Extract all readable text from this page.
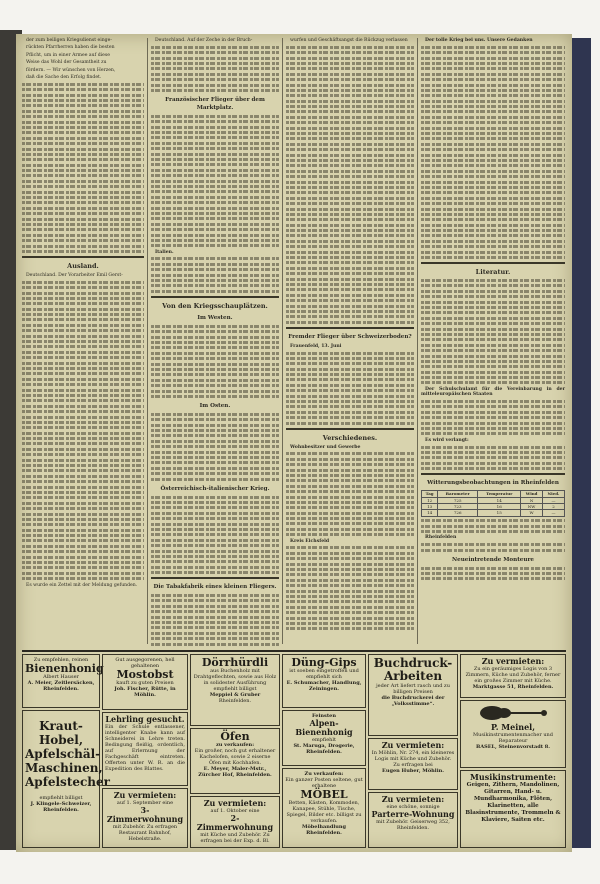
der zum beiligen Kriegsdienst einge-

rückten Pfarrherren haben die besten

Pflicht, um in einer Armee auf diese

Weise das Wohl der Gesamtheit zu

fördern. — Wir wünschen von Herzen,

daß die Sache den Erfolg findet.

Ausland.

Deutschland. Der Vorarbeiter Emil Gerst-

Es wurde ein Zettel mit der Meldung gefunden.

Deutschland. Auf der Zeche in der Bruch-

Französischer Flieger über dem Marktplatz.

Italien.

Von den Kriegsschauplätzen.
Im Westen.
Im Osten.
Österreichisch-italienischer Krieg.
Die Tabakfabrik eines kleinen Fliegers.

wurfen und Geschäftsangst die Rückzug verlassen

Fremder Flieger über Schweizerboden?

Frauenfeld, 13. Juni

Verschiedenes.

Wohnbesitzer und Gewerbe

Kreis Eichsfeld

Der tolle Krieg bei uns. Unsere Gedanken

Literatur.

Der Schulschulamt für die Vereinbarung in der mitteleuropäischen Staaten

Es wird verlangt:

Witterungsbeobachtungen in Rheinfelden
Tag	Barometer	Temperatur	Wind	Nied.
12	725	14	N	—
13	723	16	NW	2
14	726	15	W	—

Rheinfelden

Neueintretende Monteure
Zu empfehlen, reinen
Bienenhonig
Albert Hauser
A. Meier, Zeitlersäcken, Rheinfelden.
Kraut-Hobel, Apfelschäl-Maschinen, Apfelstecher
empfiehlt billigst
J. Klingele-Schweizer, Rheinfelden.
Gut ausgegorenen, hell gehaltenen
Mostobst
kauft zu guten Preisen
Joh. Fischer, Rütte, in Möhlin.
Lehrling gesucht.
Ein der Schule entlassener, intelligenter Knabe kann auf Schneiderei in Lehre treten. Bedingung fleißig, ordentlich, auf Erlernung der Fachgeschäft eintreten. Offerten unter W. R. an die Expedition des Blattes.
Zu vermieten:
auf 1. September eine
3-Zimmerwohnung
mit Zubehör. Zu erfragen Restaurant Bahnhof, Hebelstraße.
Dörrhürdli
aus Buchenholz mit Drahtgeflechten, sowie aus Holz in solidester Ausführung empfiehlt billigst
Meppiel & Gruber
Rheinfelden.
Öfen
zu verkaufen:
Ein großer, noch gut erhaltener Kachelofen, sowie 2 eiserne Öfen mit Kochhafen.
E. Meyer, Maler-Mstr., Zürcher Hof, Rheinfelden.
Zu vermieten:
auf 1. Oktober eine
2-Zimmerwohnung
mit Küche und Zubehör. Zu erfragen bei der Exp. d. Bl.
Düng-Gips
ist soeben eingetroffen und empfiehlt sich
E. Schumacher, Handlung, Zeiningen.
Feinsten
Alpen-Bienenhonig
empfiehlt
St. Maruga, Drogerie, Rheinfelden.
Zu verkaufen:
Ein ganzer Posten seltene, gut erhaltene
MÖBEL
Betten, Kästen, Kommoden, Kanapee, Stühle, Tische, Spiegel, Bilder etc. billigst zu verkaufen.
Möbelhandlung Rheinfelden.
Buchdruck-Arbeiten
jeder Art liefert rasch und zu billigen Preisen
die Buchdruckerei der „Volksstimme“.
Zu vermieten:
In Möhlin, Nr. 274, ein kleineres Logis mit Küche und Zubehör. Zu erfragen bei
Eugen Huber, Möhlin.
Zu vermieten:
eine schöne, sonnige
Parterre-Wohnung
mit Zubehör. Geiserweg 352, Rheinfelden.
Zu vermieten:
Zu ein geräumiges Logis von 3 Zimmern, Küche und Zubehör, ferner ein großes Zimmer mit Küche.
Marktgasse 51, Rheinfelden.
P. Meinel,
Musikinstrumentenmacher und Reparateur
BASEL, Steinenvorstadt 8.
Musikinstrumente:
Geigen, Zithern, Mandolinen, Gitarren, Hand- u. Mundharmonika, Flöten, Klarinetten, alle Blasinstrumente, Trommeln & Klaviere, Saiten etc.
